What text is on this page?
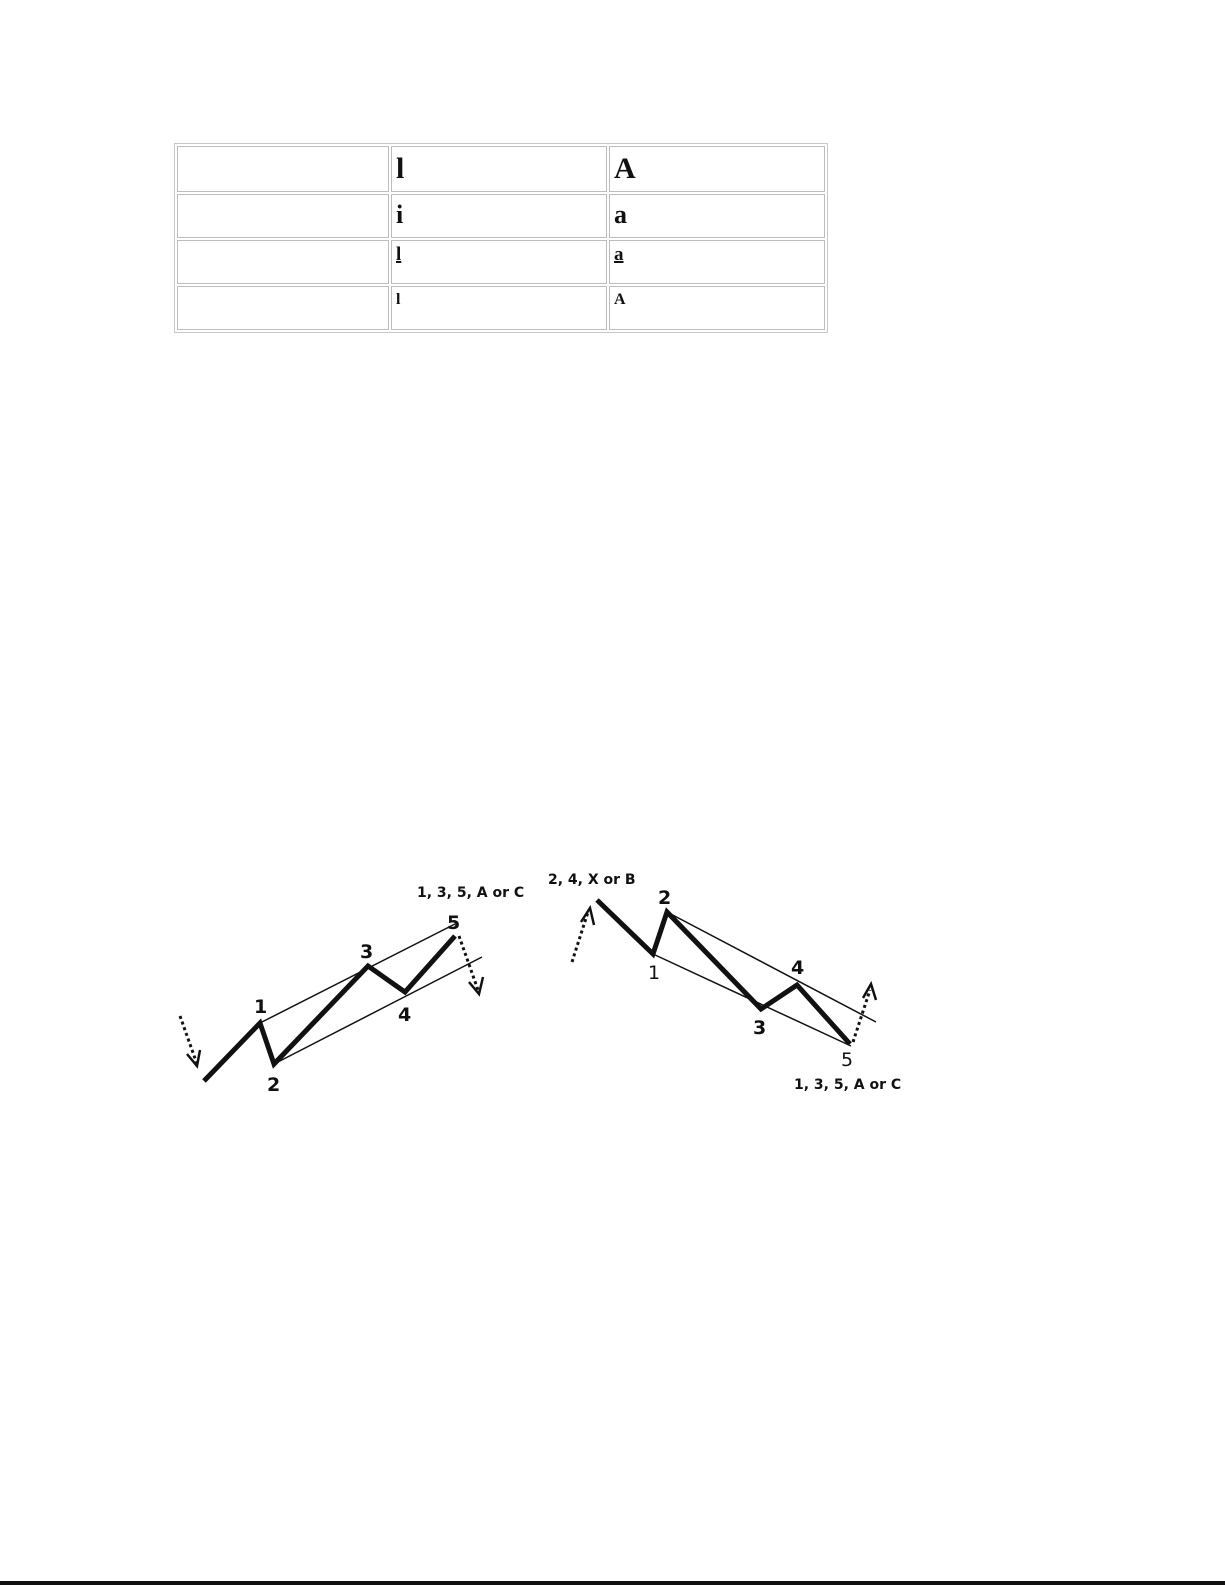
	l	A
	i	a
	l	a
	l	A
1
2
3
4
5
1, 3, 5, A or C
1
2
3
4
5
2, 4, X or B
1, 3, 5, A or C
